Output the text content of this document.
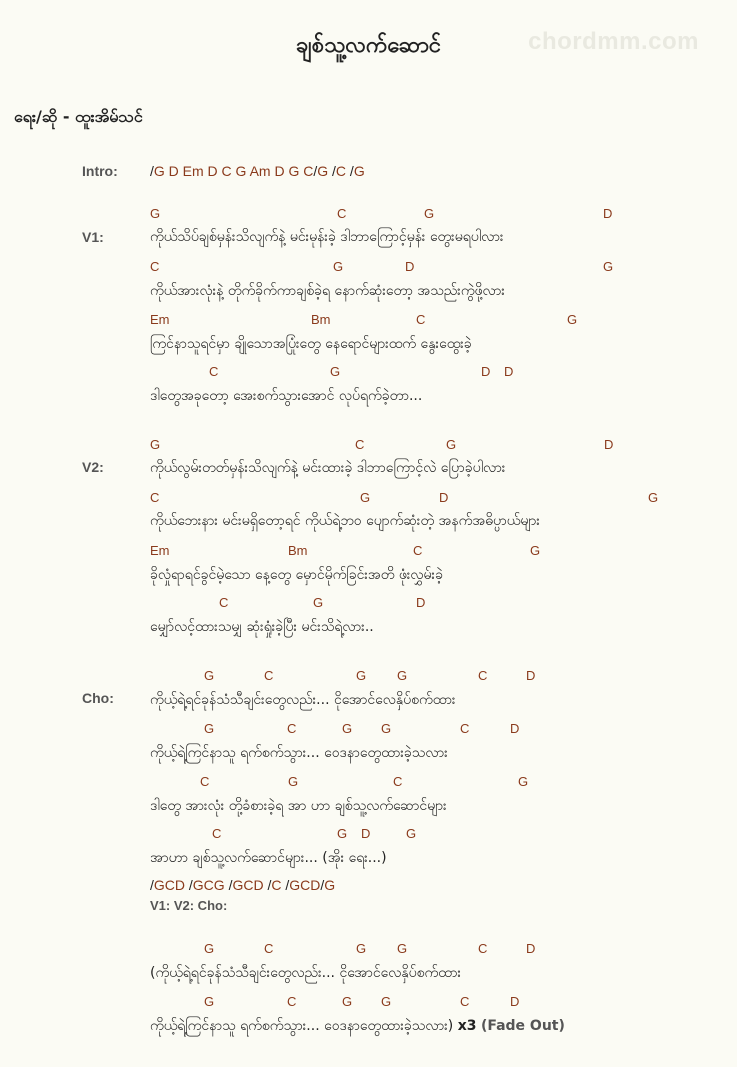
ချစ်သူ့လက်ဆောင်	chordmm.com
ရေး/ဆို - ထူးအိမ်သင်
Intro: /G D Em D C G Am D G C/G /C /G
V1:
G	C	G	D
ကိုယ်သိပ်ချစ်မှန်းသိလျက်နဲ့ မင်းမုန်းခဲ့ ဒါဘာကြောင့်မှန်း တွေးမရပါလား
C	G	D	G
ကိုယ်အားလုံးနဲ့ တိုက်ခိုက်ကာချစ်ခဲ့ရ နောက်ဆုံးတော့ အသည်းကွဲဖို့လား
Em	Bm	C	G
ကြင်နာသူရင်မှာ ချိုသောအပြုံးတွေ နေရောင်များထက် နွေးထွေးခဲ့
C	G	D D
ဒါတွေအခုတော့ အေးစက်သွားအောင် လုပ်ရက်ခဲ့တာ...
V2:
G	C	G	D
ကိုယ်လွမ်းတတ်မှန်းသိလျက်နဲ့ မင်းထားခဲ့ ဒါဘာကြောင့်လဲ ပြောခဲ့ပါလား
C	G	D	G
ကိုယ်ဘေးနား မင်းမရှိတော့ရင် ကိုယ်ရဲ့ဘဝ ပျောက်ဆုံးတဲ့ အနက်အဓိပ္ပာယ်များ
Em	Bm	C	G
ခိုလှုံရာရင်ခွင်မဲ့သော နေ့တွေ မှောင်မိုက်ခြင်းအတိ ဖုံးလွှမ်းခဲ့
C	G	D
မျှော်လင့်ထားသမျှ ဆုံးရှုံးခဲ့ပြီး မင်းသိရဲ့လား..
Cho:
G	C	G G	C	D
ကိုယ့်ရဲ့ရင်ခုန်သံသီချင်းတွေလည်း... ငိုအောင်လေနှိပ်စက်ထား
G	C	G G	C	D
ကိုယ့်ရဲ့ကြင်နာသူ ရက်စက်သွား... ဝေဒနာတွေထားခဲ့သလား
C	G	C	G
ဒါတွေ အားလုံး တို့ခံစားခဲ့ရ အာ ဟာ ချစ်သူ့လက်ဆောင်များ
C	G D	G
အာဟာ ချစ်သူ့လက်ဆောင်များ... (အိုး ရေး...)
/GCD /GCG /GCD /C /GCD/G
V1: V2: Cho:
G	C	G G	C	D
(ကိုယ့်ရဲ့ရင်ခုန်သံသီချင်းတွေလည်း... ငိုအောင်လေနှိပ်စက်ထား
G	C	G G	C	D
ကိုယ့်ရဲ့ကြင်နာသူ ရက်စက်သွား... ဝေဒနာတွေထားခဲ့သလား) x3 (Fade Out)
